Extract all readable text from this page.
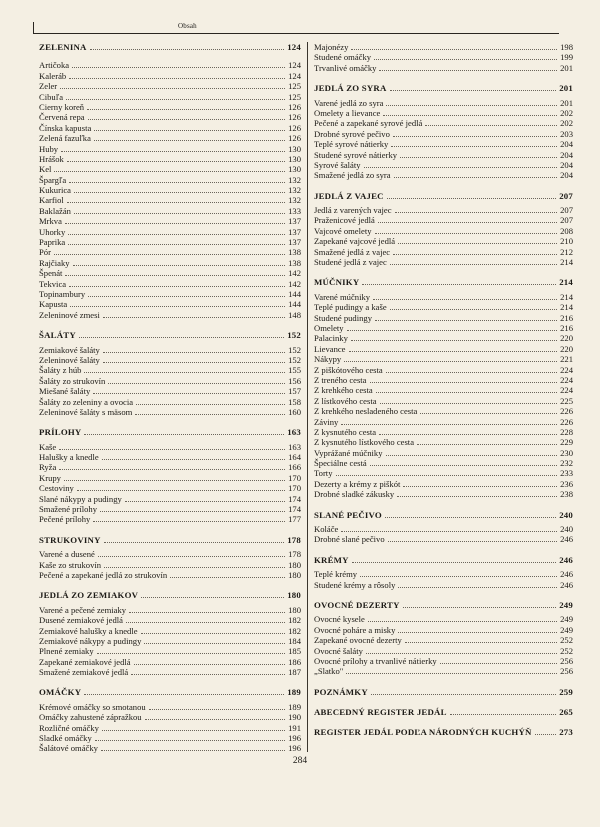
Obsah
ZELENINA	124
Artičoka	124
Kaleráb	124
Zeler	125
Cibuľa	125
Cierny koreň	126
Červená repa	126
Čínska kapusta	126
Zelená fazuľka	126
Huby	130
Hrášok	130
Kel	130
Špargľa	132
Kukurica	132
Karfiol	132
Baklažán	133
Mrkva	137
Uhorky	137
Paprika	137
Pór	138
Rajčiaky	138
Špenát	142
Tekvica	142
Topinambury	144
Kapusta	144
Zeleninové zmesi	148
ŠALÁTY	152
Zemiakové šaláty	152
Zeleninové šaláty	152
Šaláty z húb	155
Šaláty zo strukovín	156
Miešané šaláty	157
Šaláty zo zeleniny a ovocia	158
Zeleninové šaláty s mäsom	160
PRÍLOHY	163
Kaše	163
Halušky a knedle	164
Ryža	166
Krupy	170
Cestoviny	170
Slané nákypy a pudingy	174
Smažené prílohy	174
Pečené prílohy	177
STRUKOVINY	178
Varené a dusené	178
Kaše zo strukovín	180
Pečené a zapekané jedlá zo strukovín	180
JEDLÁ ZO ZEMIAKOV	180
Varené a pečené zemiaky	180
Dusené zemiakové jedlá	182
Zemiakové halušky a knedle	182
Zemiakové nákypy a pudingy	184
Plnené zemiaky	185
Zapekané zemiakové jedlá	186
Smažené zemiakové jedlá	187
OMÁČKY	189
Krémové omáčky so smotanou	189
Omáčky zahustené zápražkou	190
Rozličné omáčky	191
Sladké omáčky	196
Šalátové omáčky	196
Majonézy	198
Studené omáčky	199
Trvanlivé omáčky	201
JEDLÁ ZO SYRA	201
Varené jedlá zo syra	201
Omelety a lievance	202
Pečené a zapekané syrové jedlá	202
Drobné syrové pečivo	203
Teplé syrové nátierky	204
Studené syrové nátierky	204
Syrové šaláty	204
Smažené jedlá zo syra	204
JEDLÁ Z VAJEC	207
Jedlá z varených vajec	207
Praženicové jedlá	207
Vajcové omelety	208
Zapekané vajcové jedlá	210
Smažené jedlá z vajec	212
Studené jedlá z vajec	214
MÚČNIKY	214
Varené múčniky	214
Teplé pudingy a kaše	214
Studené pudingy	216
Omelety	216
Palacinky	220
Lievance	220
Nákypy	221
Z piškótového cesta	224
Z treného cesta	224
Z krehkého cesta	224
Z lístkového cesta	225
Z krehkého nesladeného cesta	226
Záviny	226
Z kysnutého cesta	228
Z kysnutého lístkového cesta	229
Vyprážané múčniky	230
Špeciálne cestá	232
Torty	233
Dezerty a krémy z piškót	236
Drobné sladké zákusky	238
SLANÉ PEČIVO	240
Koláče	240
Drobné slané pečivo	246
KRÉMY	246
Teplé krémy	246
Studené krémy a rôsoly	246
OVOCNÉ DEZERTY	249
Ovocné kysele	249
Ovocné poháre a misky	249
Zapekané ovocné dezerty	252
Ovocné šaláty	252
Ovocné prílohy a trvanlivé nátierky	256
„Slatko"	256
POZNÁMKY	259
ABECEDNÝ REGISTER JEDÁL	265
REGISTER JEDÁL PODĽA NÁRODNÝCH KUCHÝŇ	273
284
